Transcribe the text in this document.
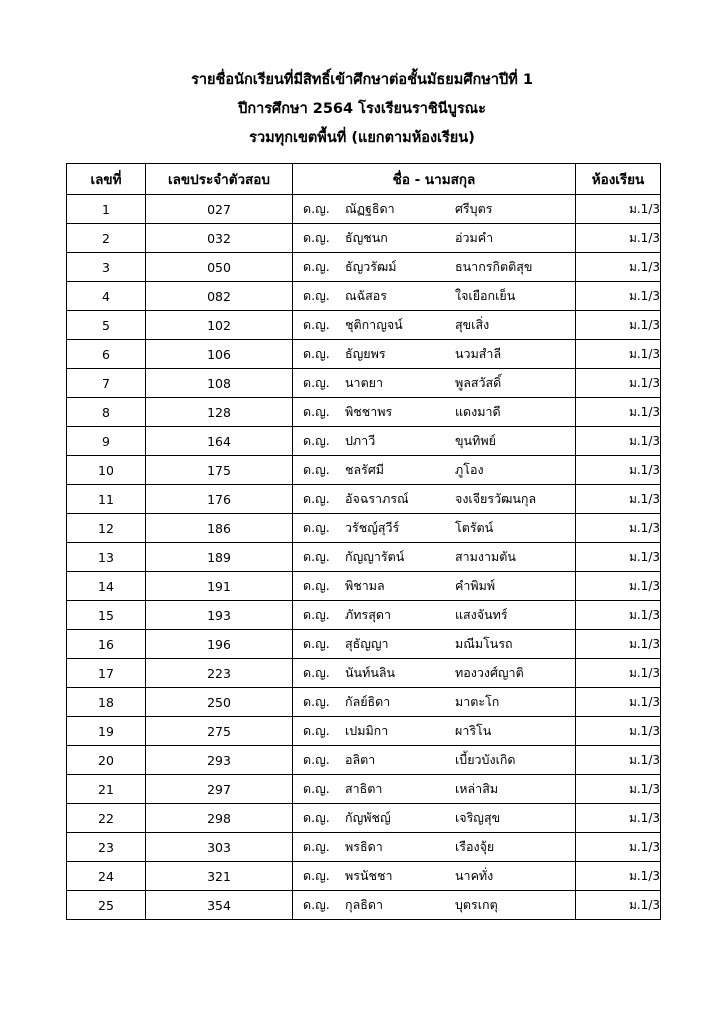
รายชื่อนักเรียนที่มีสิทธิ์เข้าศึกษาต่อชั้นมัธยมศึกษาปีที่ 1
ปีการศึกษา 2564 โรงเรียนราชินีบูรณะ
รวมทุกเขตพื้นที่ (แยกตามห้องเรียน)
เลขที่	เลขประจำตัวสอบ	ชื่อ - นามสกุล	ห้องเรียน
1	027	ด.ญ. ณัฏฐธิดา ศรีบุตร	ม.1/3
2	032	ด.ญ. ธัญชนก อ่วมคำ	ม.1/3
3	050	ด.ญ. ธัญวรัฒม์ ธนากรกิตติสุข	ม.1/3
4	082	ด.ญ. ณฉัสอร ใจเยือกเย็น	ม.1/3
5	102	ด.ญ. ชุติกาญจน์ สุขเสิ่ง	ม.1/3
6	106	ด.ญ. ธัญยพร นวมสำลี	ม.1/3
7	108	ด.ญ. นาตยา พูลสวัสดิ์	ม.1/3
8	128	ด.ญ. พิชชาพร แดงมาดี	ม.1/3
9	164	ด.ญ. ปภาวี ขุนทิพย์	ม.1/3
10	175	ด.ญ. ชลรัศมี ภูโอง	ม.1/3
11	176	ด.ญ. อัจฉราภรณ์ จงเจียรวัฒนกุล	ม.1/3
12	186	ด.ญ. วรัชญ์สุวีร์ โตรัตน์	ม.1/3
13	189	ด.ญ. กัญญารัตน์ สามงามตัน	ม.1/3
14	191	ด.ญ. พิชามล คำพิมพ์	ม.1/3
15	193	ด.ญ. ภัทรสุดา แสงจันทร์	ม.1/3
16	196	ด.ญ. สุธัญญา มณีมโนรถ	ม.1/3
17	223	ด.ญ. นันท์นลิน ทองวงศ์ญาติ	ม.1/3
18	250	ด.ญ. กัลย์ธิดา มาตะโก	ม.1/3
19	275	ด.ญ. เปมมิกา ผาริโน	ม.1/3
20	293	ด.ญ. อลิตา เบี้ยวบังเกิด	ม.1/3
21	297	ด.ญ. สาธิตา เหล่าสิม	ม.1/3
22	298	ด.ญ. กัญพัชญ์ เจริญสุข	ม.1/3
23	303	ด.ญ. พรธิดา เรืองจุ้ย	ม.1/3
24	321	ด.ญ. พรนัชชา นาคทั่ง	ม.1/3
25	354	ด.ญ. กุลธิดา บุตรเกตุ	ม.1/3
